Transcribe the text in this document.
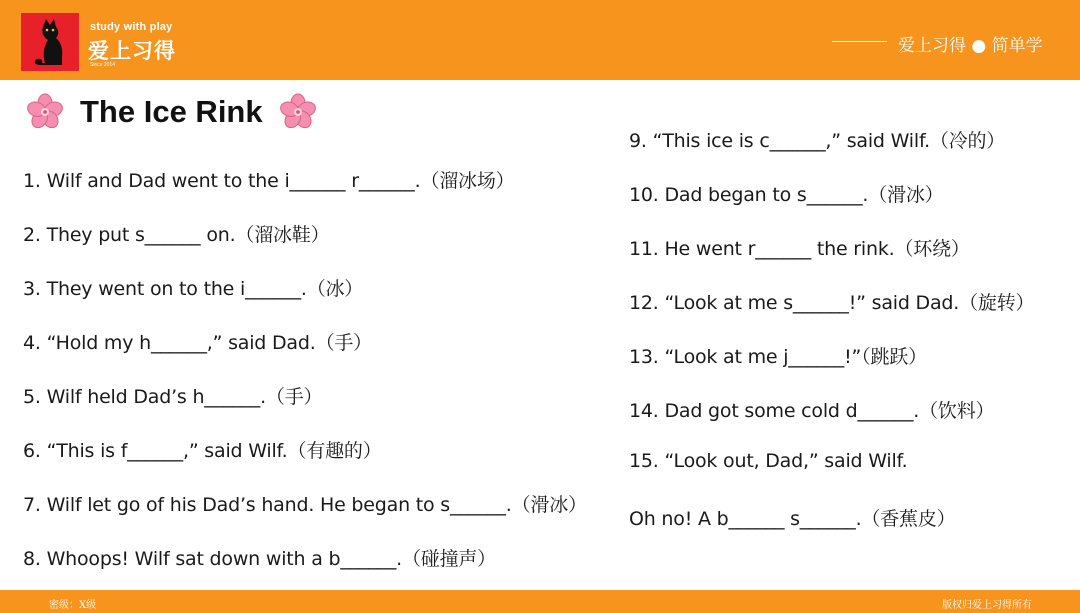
study with play
爱上习得
Since 2014
爱上习得 ● 简单学
The Ice Rink
1. Wilf and Dad went to the i______ r______.（溜冰场）
2. They put s______ on.（溜冰鞋）
3. They went on to the i______.（冰）
4. “Hold my h______,” said Dad.（手）
5. Wilf held Dad’s h______.（手）
6. “This is f______,” said Wilf.（有趣的）
7. Wilf let go of his Dad’s hand. He began to s______.（滑冰）
8. Whoops! Wilf sat down with a b______.（碰撞声）
9. “This ice is c______,” said Wilf.（冷的）
10. Dad began to s______.（滑冰）
11. He went r______ the rink.（环绕）
12. “Look at me s______!” said Dad.（旋转）
13. “Look at me j______!”（跳跃）
14. Dad got some cold d______.（饮料）
15. “Look out, Dad,” said Wilf.
Oh no! A b______ s______.（香蕉皮）
密级：X级	版权归爱上习得所有
